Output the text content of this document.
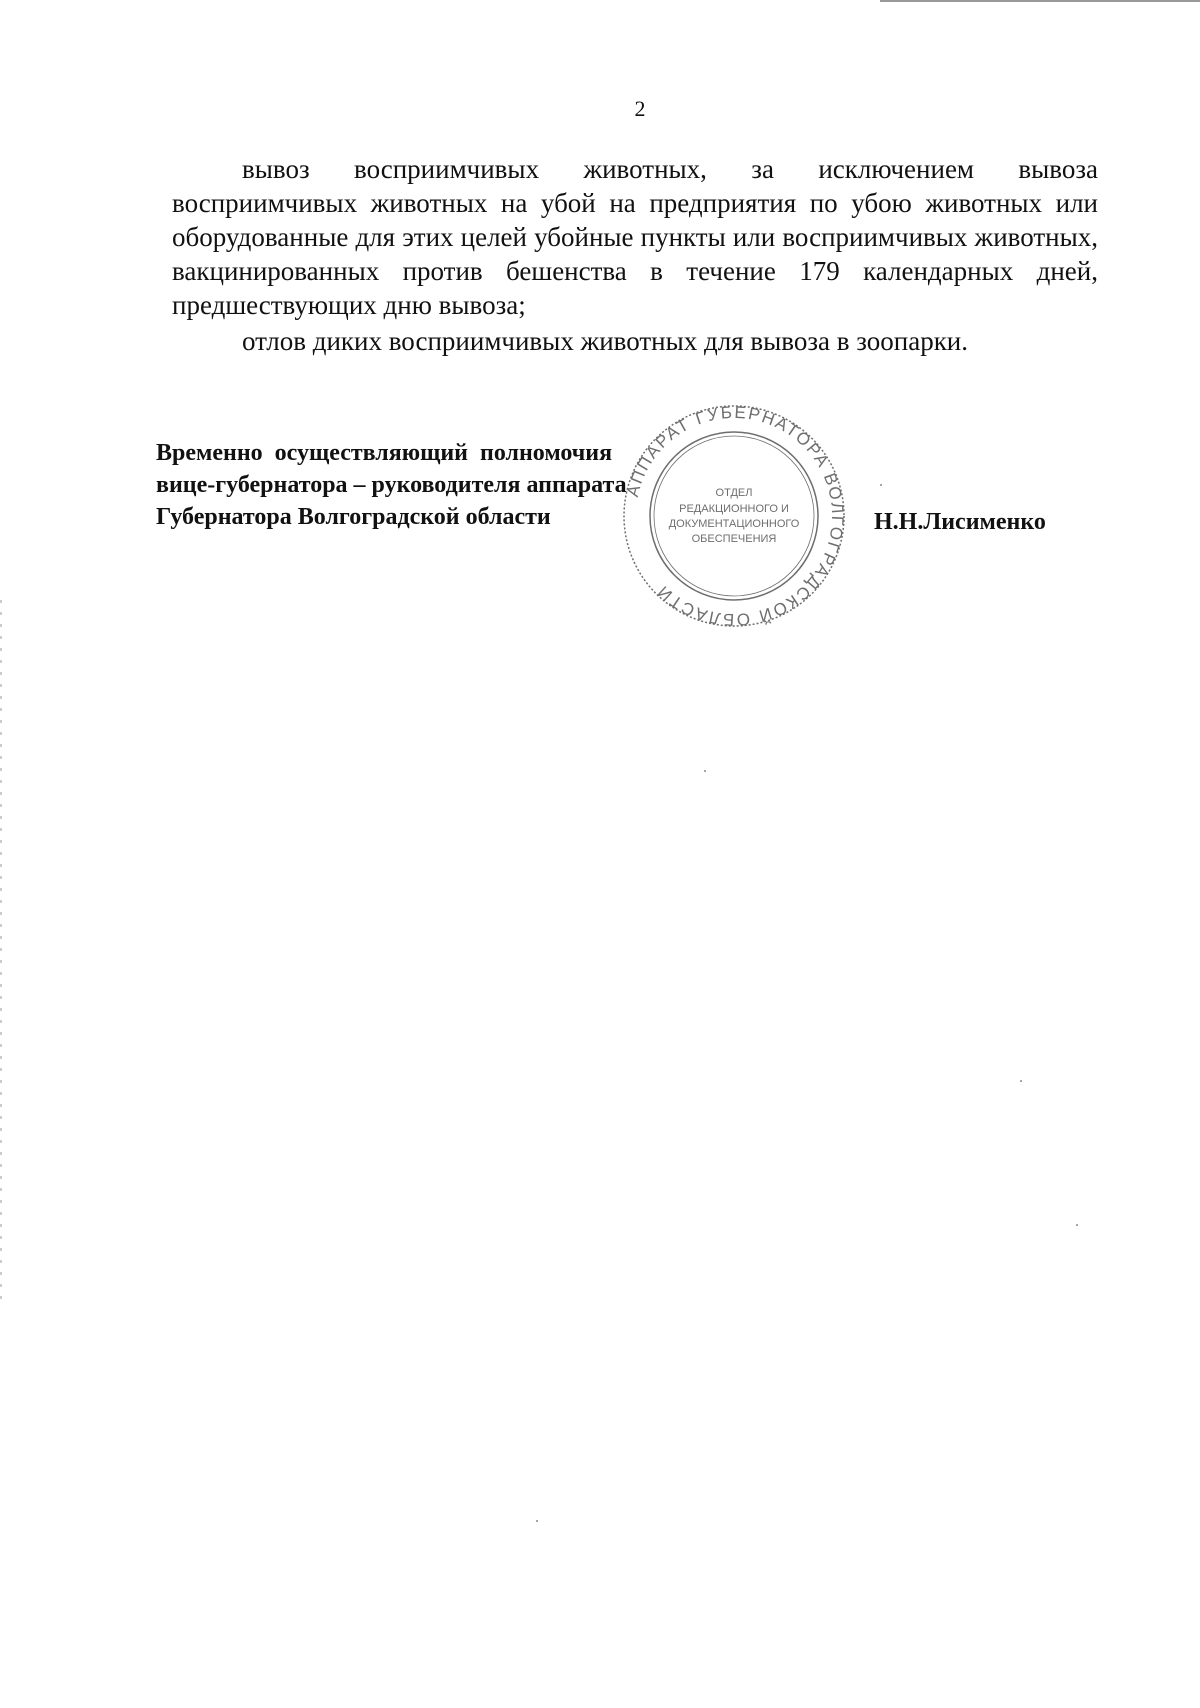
2

вывоз восприимчивых животных, за исключением вывоза восприимчивых животных на убой на предприятия по убою животных или оборудованные для этих целей убойные пункты или восприимчивых животных, вакцинированных против бешенства в течение 179 календарных дней, предшествующих дню вывоза;

отлов диких восприимчивых животных для вывоза в зоопарки.

Временно осуществляющий полномочия
вице-губернатора – руководителя аппарата
Губернатора Волгоградской области
АППАРАТ ГУБЕРНАТОРА ВОЛГОГРАДСКОЙ ОБЛАСТИ
ОТДЕЛ
РЕДАКЦИОННОГО И
ДОКУМЕНТАЦИОННОГО
ОБЕСПЕЧЕНИЯ
Н.Н.Лисименко
